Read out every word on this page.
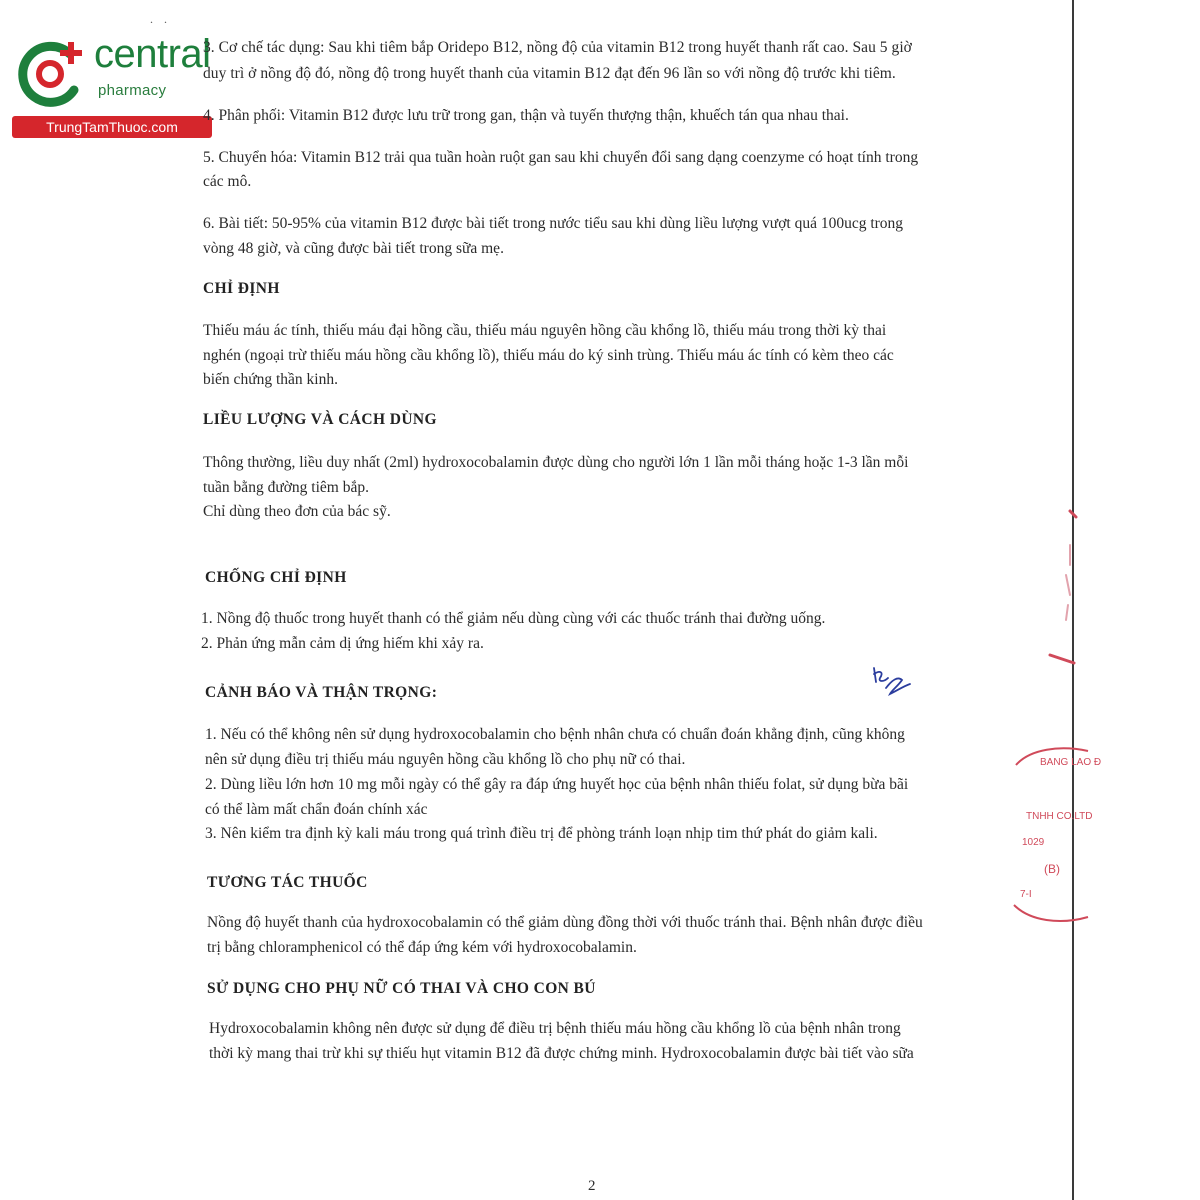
. .
central
pharmacy
TrungTamThuoc.com
3. Cơ chế tác dụng: Sau khi tiêm bắp Oridepo B12, nồng độ của vitamin B12 trong huyết thanh rất cao. Sau 5 giờ
duy trì ở nồng độ đó, nồng độ trong huyết thanh của vitamin B12 đạt đến 96 lần so với nồng độ trước khi tiêm.
4. Phân phối: Vitamin B12 được lưu trữ trong gan, thận và tuyến thượng thận, khuếch tán qua nhau thai.
5. Chuyển hóa: Vitamin B12 trải qua tuần hoàn ruột gan sau khi chuyển đổi sang dạng coenzyme có hoạt tính trong
các mô.
6. Bài tiết: 50-95% của vitamin B12 được bài tiết trong nước tiểu sau khi dùng liều lượng vượt quá 100ucg trong
vòng 48 giờ, và cũng được bài tiết trong sữa mẹ.
CHỈ ĐỊNH
Thiếu máu ác tính, thiếu máu đại hồng cầu, thiếu máu nguyên hồng cầu khổng lồ, thiếu máu trong thời kỳ thai
nghén (ngoại trừ thiếu máu hồng cầu khổng lồ), thiếu máu do ký sinh trùng. Thiếu máu ác tính có kèm theo các
biến chứng thần kinh.
LIỀU LƯỢNG VÀ CÁCH DÙNG
Thông thường, liều duy nhất (2ml) hydroxocobalamin được dùng cho người lớn 1 lần mỗi tháng hoặc 1-3 lần mỗi
tuần bằng đường tiêm bắp.
Chỉ dùng theo đơn của bác sỹ.
CHỐNG CHỈ ĐỊNH
1. Nồng độ thuốc trong huyết thanh có thể giảm nếu dùng cùng với các thuốc tránh thai đường uống.
2. Phản ứng mẫn cảm dị ứng hiếm khi xảy ra.
CẢNH BÁO VÀ THẬN TRỌNG:
1. Nếu có thể không nên sử dụng hydroxocobalamin cho bệnh nhân chưa có chuẩn đoán khẳng định, cũng không
nên sử dụng điều trị thiếu máu nguyên hồng cầu khổng lồ cho phụ nữ có thai.
2. Dùng liều lớn hơn 10 mg mỗi ngày có thể gây ra đáp ứng huyết học của bệnh nhân thiếu folat, sử dụng bừa bãi
có thể làm mất chẩn đoán chính xác
3. Nên kiểm tra định kỳ kali máu trong quá trình điều trị để phòng tránh loạn nhịp tim thứ phát do giảm kali.
TƯƠNG TÁC THUỐC
Nồng độ huyết thanh của hydroxocobalamin có thể giảm dùng đồng thời với thuốc tránh thai. Bệnh nhân được điều
trị bằng chloramphenicol có thể đáp ứng kém với hydroxocobalamin.
SỬ DỤNG CHO PHỤ NỮ CÓ THAI VÀ CHO CON BÚ
Hydroxocobalamin không nên được sử dụng để điều trị bệnh thiếu máu hồng cầu khổng lồ của bệnh nhân trong
thời kỳ mang thai trừ khi sự thiếu hụt vitamin B12 đã được chứng minh. Hydroxocobalamin được bài tiết vào sữa
2
BANG LAO Đ
TNHH CO.LTD
1029
(B)
7-I
